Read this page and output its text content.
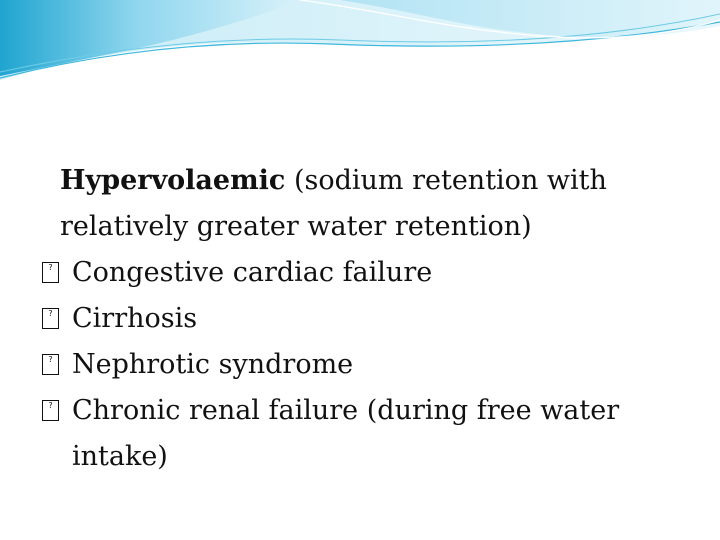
Hypervolaemic (sodium retention with
relatively greater water retention)

? Congestive cardiac failure
? Cirrhosis
? Nephrotic syndrome
? Chronic renal failure (during free water
intake)
